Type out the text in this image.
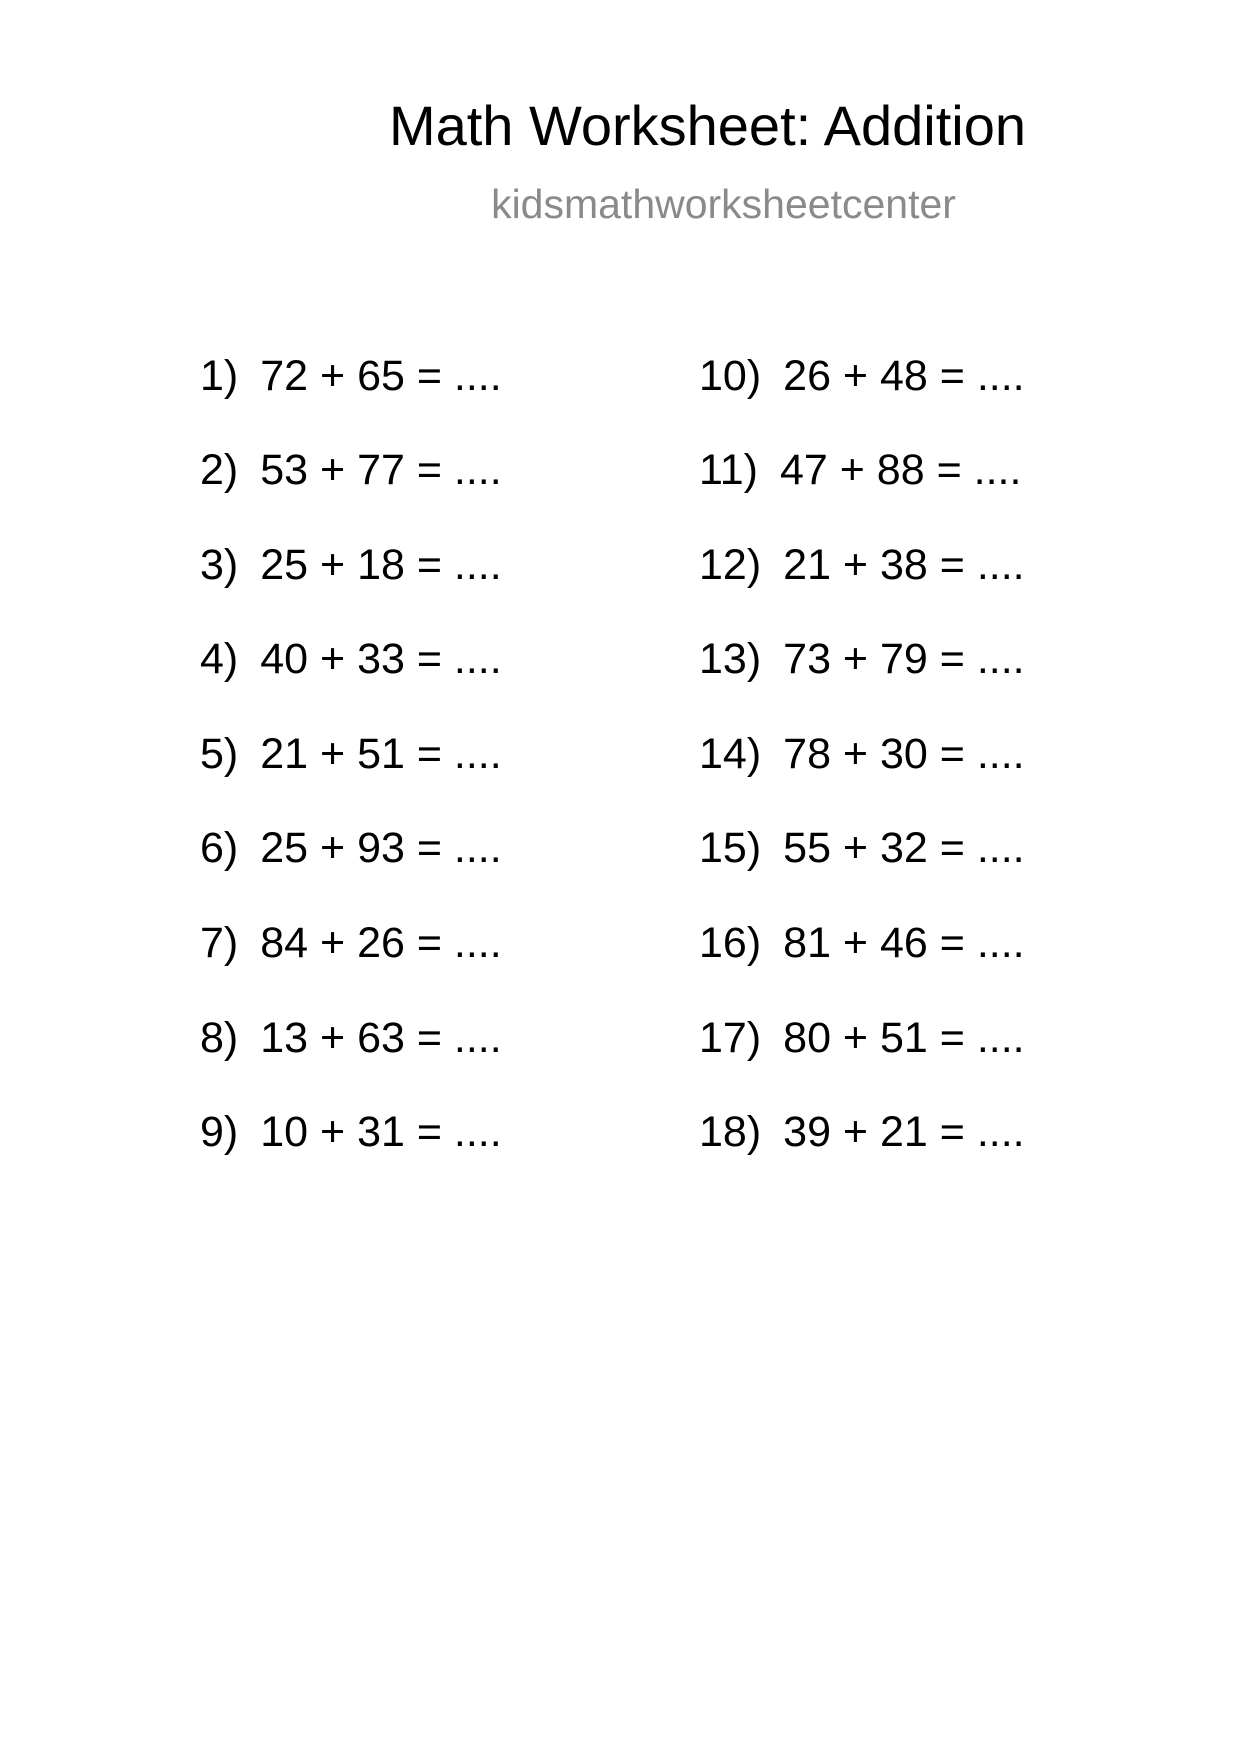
Math Worksheet: Addition
kidsmathworksheetcenter
1) 72 + 65 = ....
2) 53 + 77 = ....
3) 25 + 18 = ....
4) 40 + 33 = ....
5) 21 + 51 = ....
6) 25 + 93 = ....
7) 84 + 26 = ....
8) 13 + 63 = ....
9) 10 + 31 = ....
10) 26 + 48 = ....
11) 47 + 88 = ....
12) 21 + 38 = ....
13) 73 + 79 = ....
14) 78 + 30 = ....
15) 55 + 32 = ....
16) 81 + 46 = ....
17) 80 + 51 = ....
18) 39 + 21 = ....
